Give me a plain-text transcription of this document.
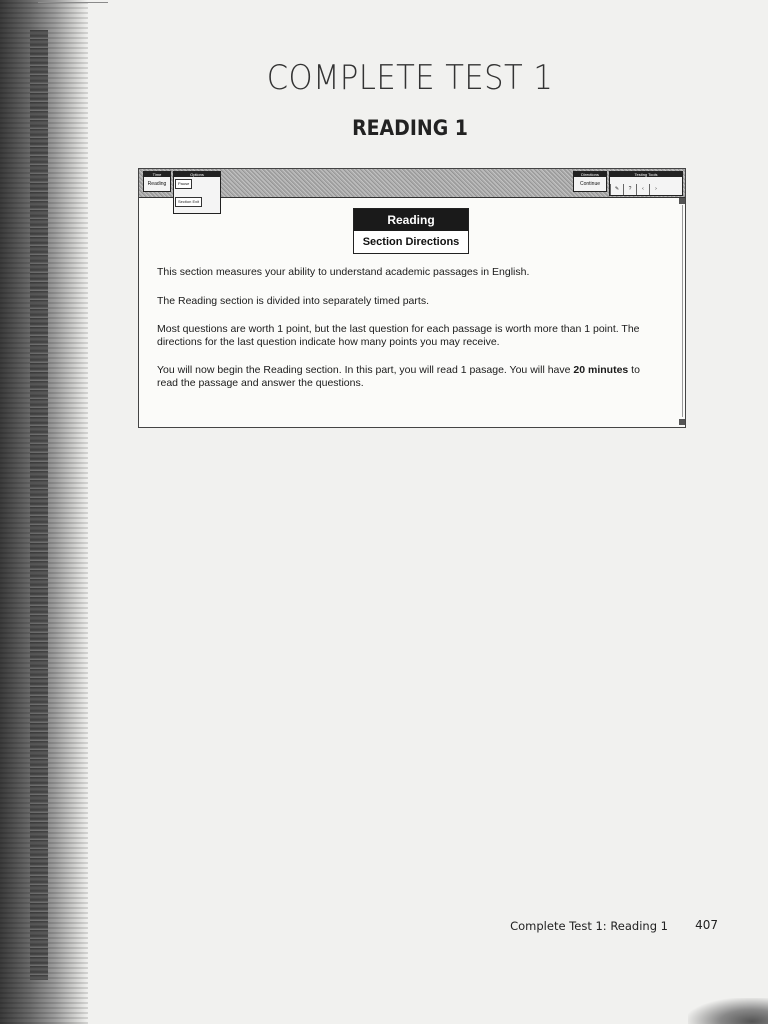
COMPLETE TEST 1
READING 1
Time
Reading
Options
PauseSection Exit
Directions
Continue
Testing Tools
✎ ? ‹ ›
Reading
Section Directions

This section measures your ability to understand academic passages in English.

The Reading section is divided into separately timed parts.

Most questions are worth 1 point, but the last question for each passage is worth more than 1 point. The directions for the last question indicate how many points you may receive.

You will now begin the Reading section. In this part, you will read 1 pasage. You will have 20 minutes to read the passage and answer the questions.

Complete Test 1: Reading 1 407
